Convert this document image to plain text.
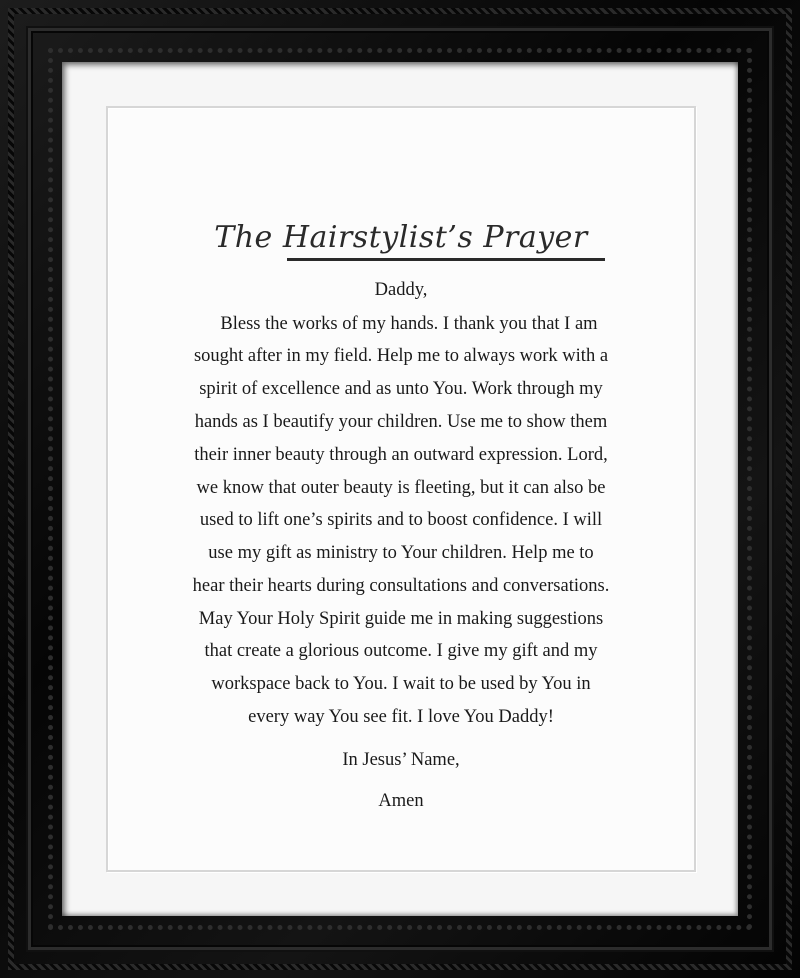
The Hairstylist’s Prayer

Daddy,

Bless the works of my hands. I thank you that I am

sought after in my field. Help me to always work with a

spirit of excellence and as unto You. Work through my

hands as I beautify your children. Use me to show them

their inner beauty through an outward expression. Lord,

we know that outer beauty is fleeting, but it can also be

used to lift one’s spirits and to boost confidence. I will

use my gift as ministry to Your children. Help me to

hear their hearts during consultations and conversations.

May Your Holy Spirit guide me in making suggestions

that create a glorious outcome. I give my gift and my

workspace back to You. I wait to be used by You in

every way You see fit. I love You Daddy!

In Jesus’ Name,

Amen
